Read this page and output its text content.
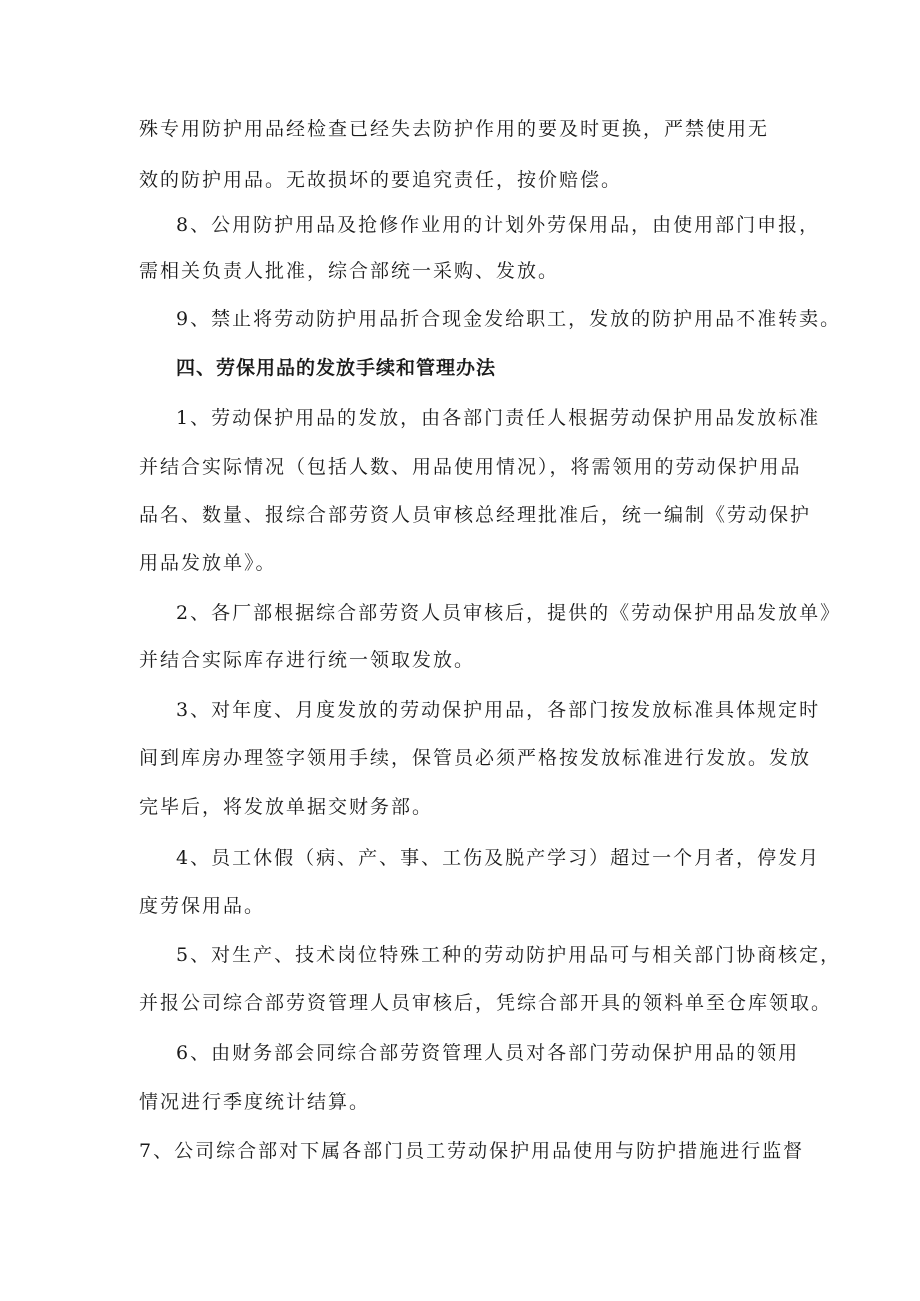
殊专用防护用品经检查已经失去防护作用的要及时更换，严禁使用无
效的防护用品。无故损坏的要追究责任，按价赔偿。
8、公用防护用品及抢修作业用的计划外劳保用品，由使用部门申报，
需相关负责人批准，综合部统一采购、发放。
9、禁止将劳动防护用品折合现金发给职工，发放的防护用品不准转卖。
四、劳保用品的发放手续和管理办法
1、劳动保护用品的发放，由各部门责任人根据劳动保护用品发放标准
并结合实际情况（包括人数、用品使用情况），将需领用的劳动保护用品
品名、数量、报综合部劳资人员审核总经理批准后，统一编制《劳动保护
用品发放单》。
2、各厂部根据综合部劳资人员审核后，提供的《劳动保护用品发放单》
并结合实际库存进行统一领取发放。
3、对年度、月度发放的劳动保护用品，各部门按发放标准具体规定时
间到库房办理签字领用手续，保管员必须严格按发放标准进行发放。发放
完毕后，将发放单据交财务部。
4、员工休假（病、产、事、工伤及脱产学习）超过一个月者，停发月
度劳保用品。
5、对生产、技术岗位特殊工种的劳动防护用品可与相关部门协商核定，
并报公司综合部劳资管理人员审核后，凭综合部开具的领料单至仓库领取。
6、由财务部会同综合部劳资管理人员对各部门劳动保护用品的领用
情况进行季度统计结算。
7、公司综合部对下属各部门员工劳动保护用品使用与防护措施进行监督
